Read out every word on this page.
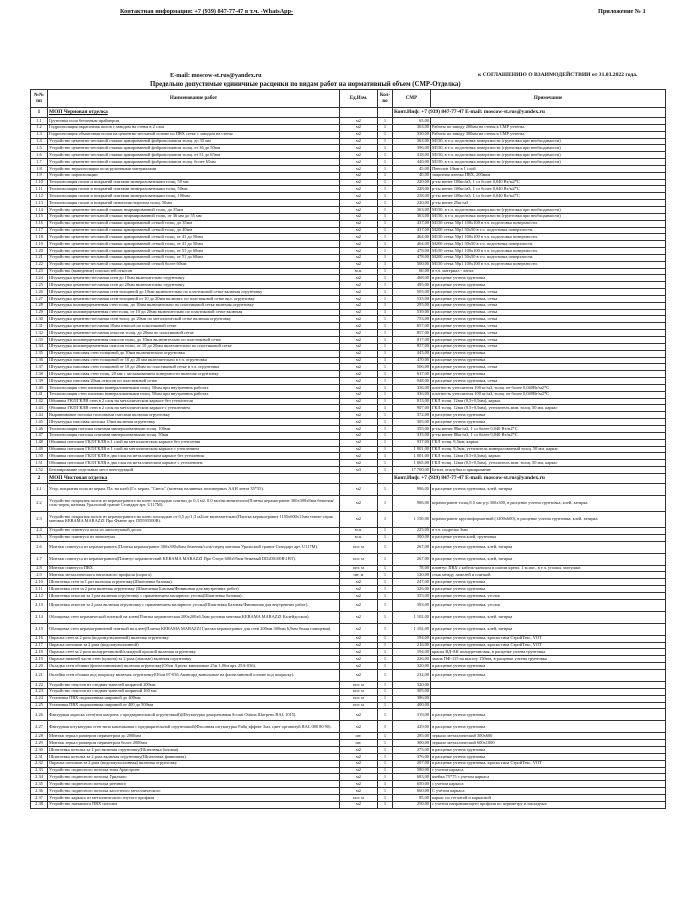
Контактная информация: +7 (939) 847-77-47 в т.ч. -WhatsApp-	Приложение № 1
E-mail: moscow-st.rus@yandex.ru	к СОГЛАШЕНИЮ О ВЗАИМОДЕЙСТВИИ от 31.03.2022 года.
Предельно допустимые единичные расценки по видам работ на нормативный объем (СМР-Отделка)
№№ пп	Наименование работ	Ед.Изм.	Кол-во	СМР	Примечание
1	МОП Черновая отделка			Конт.Инф: +7 (939) 847-77-47 E-mail: moscow-st.rus@yandex.ru	
1.1	Грунтовка пола бетонным праймером	м2	1	65,00	
1.2	Гидроизоляция окрасочная полов с заводом на стены в 2 слоя	м2	1	363,00	Работы по заводу 200мм на стены в СМР учтены.
1.3	Гидроизоляция обмазочная полов на цементно-песчаной основе по ПВХ сетке с заводом на стены	м2	1	330,00	Работы по заводу 300мм на стены в СМР учтены.
1.4	Устройство цементно-песчаной стяжки армированной фиброволокном толщ. до 35 мм	м2	1	363,00	М150, в т.ч. подготовка поверхности (грунтовка при необходимости)
1.5	Устройство цементно-песчаной стяжки армированной фиброволокном толщ. от 36 до 50мм	м2	1	396,00	М150, в т.ч. подготовка поверхности (грунтовка при необходимости)
1.6	Устройство цементно-песчаной стяжки армированной фиброволокном толщ. от 51 до 65мм	м2	1	418,00	М150, в т.ч. подготовка поверхности (грунтовка при необходимости)
1.7	Устройство цементно-песчаной стяжки армированной фиброволокном толщ. более 65мм	м2	1	440,00	М150, в т.ч. подготовка поверхности (грунтовка при необходимости)
1.8	Устройство звукоизоляции пола рулонными материалами	м2	1	45,00	Пенолон 10мм в 1 слой
1.9	Устройство пароизоляции	м2	1	40,00	защитная пленка ПВХ, 200мкм
1.10	Теплоизоляция полов и покрытий плитами минераловатными толщ. 50 мм	м2	1	220,00	р-ты менее 100кг/м3, 1 сл более 0,040 Вт/м2*С
1.11	Теплоизоляция полов и покрытий плитами минераловатными толщ. 50мм	м2	1	228,00	р-ты менее 100кг/м3, 1 сл более 0,040 Вт/м2*С
1.12	Теплоизоляция полов и покрытий плитами минераловатными толщ. 100мм	м2	1	238,00	р-ты менее 100кг/м3, 1 сл более 0,040 Вт/м2*С
1.13	Теплоизоляция полов и покрытий пенополистиролом толщ. 50мм	м2	1	220,00	р-ты менее 25кг/м3
1.14	Устройство цементно-песчаной стяжки неармированной толщ. до 35мм	м2	1	363,00	М150, в т.ч. подготовка поверхности (грунтовка при необходимости)
1.15	Устройство цементно-песчаной стяжки неармированной толщ. от 36 мм до 55 мм	м2	1	363,00	М150, в т.ч. подготовка поверхности (грунтовка при необходимости)
1.16	Устройство цементно-песчаной стяжки армированной сеткой толщ. до 35мм	м2	1	437,00	М150 сетка 50р1 100х100 в т.ч. подготовка поверхности.
1.17	Устройство цементно-песчаной стяжки армированной сеткой толщ. до 40мм	м2	1	437,00	М200 сетка 50р1 50х50 в т.ч. подготовка поверхности.
1.18	Устройство цементно-песчаной стяжки армированной сеткой толщ. от 41 до 50мм	м2	1	464,00	М150 сетка 50р1 100х100 в т.ч. подготовка поверхности.
1.19	Устройство цементно-песчаной стяжки армированной сеткой толщ. от 41 до 50мм	м2	1	464,00	М200 сетка 50р1 50х50 в т.ч. подготовка поверхности.
1.20	Устройство цементно-песчаной стяжки армированной сеткой толщ. от 51 до 60мм	м2	1	478,00	М150 сетка 50р1 100х100 в т.ч. подготовка поверхности.
1.21	Устройство цементно-песчаной стяжки армированной сеткой толщ. от 51 до 60мм	м2	1	478,00	М200 сетка 50р1 50х50 в т.ч. подготовка поверхности.
1.22	Устройство цементно-песчаной стяжки армированной сеткой более 60мм	м2	1	500,00	М150 сетка 50р1 100х100 в т.ч. подготовка поверхности.
1.23	Устройство (выведение) плоскостей откосов	м.п.	1	60,00	в т.ч. материал - лента
1.24	Штукатурка цементно-песчаная стен до 10мм включительно огрунтовку	м2	1	468,00	в расценке учтена грунтовка
1.25	Штукатурка цементно-песчаная стен до 20мм включительно огрунтовку	м2	1	495,00	в расценке учтена грунтовка
1.26	Штукатурка цементно-песчаная стен толщиной до 10мм включительно по пластиковой сетке включая огрунтовку	м2	1	505,00	в расценке учтена грунтовка, сетка
1.27	Штукатурка цементно-песчаная стен толщиной от 10 до 20мм включит. по пластиковой сетке вкл. огрунтовку	м2	1	535,00	в расценке учтена грунтовка, сетка
1.28	Штукатурка полимерцементная стен толщ. до 10мм включительно по пластиковой сетке включая огрунтовку	м2	1	295,00	в расценке учтена грунтовка, сетка
1.29	Штукатурка полимерцементная стен толщ. от 10 до 20мм включительно по пластиковой сетке включая	м2	1	539,00	в расценке учтена грунтовка, сетка
1.30	Штукатурка цементно-песчаная стен толщ. до 20мм по металлической сетке включая огрунтовку	м2	1	753,00	в расценке учтена грунтовка, сетка
1.31	Штукатурка цементно-песчаная 10мм откосов по пластиковой сетке	м2	1	857,00	в расценке учтена грунтовка, сетка
1.32	Штукатурка цементно-песчаная откосов толщ. до 20мм по пластиковой сетке	м2	1	857,00	в расценке учтена грунтовка, сетка
1.33	Штукатурка полимерцементная откосов толщ. до 10мм включительно по пластиковой сетке	м2	1	817,00	в расценке учтена грунтовка, сетка
1.34	Штукатурка полимерцементная откосов толщ. от 10 до 20мм включительно по пластиковой сетке	м2	1	857,00	в расценке учтена грунтовка, сетка
1.35	Штукатурка гипсовая стен толщиной до 10мм включительно огрунтовка	м2	1	445,00	в расценке учтена грунтовка
1.36	Штукатурка гипсовая стен толщиной от 10 до 20 мм включительно в т.ч. огрунтовка	м2	1	470,00	в расценке учтена грунтовка
1.37	Штукатурка гипсовая стен толщиной от 10 до 20мм по пластиковой сетке в т.ч. огрунтовка	м2	1	506,00	в расценке учтена грунтовка, сетка
1.38	Штукатурка гипсовая стен толщ. 20 мм с заглаживанием поверхности включая огрунтовку	м2	1	637,00	в расценке учтена грунтовка
1.39	Штукатурка гипсовая 20мм откосов по пластиковой сетке	м2	1	948,00	в расценке учтена грунтовка, сетка
1.40	Теплоизоляция стен плитами минераловатными толщ. 50мм при внутренних работах	м2	1	336,00	плотность утеплителя 100 кг/м3, толщ. не более 0,040Вт/м2*С
1.41	Теплоизоляция стен плитами минераловатными толщ. 50мм при внутренних работах	м2	1	336,00	плотность утеплителя 100 кг/м3, толщ. не более 0,040Вт/м2*С
1.42	Обшивка ГКЛ/ГКЛВ стен в 2 слоя на металлическом каркасе без утеплителя	м2	1	813,00	ГКЛ толщ. 12мм (0,5+0,5мм), каркас
1.43	Обшивка ГКЛ/ГКЛВ стен в 2 слоя на металлическом каркасе с утеплением	м2	1	907,00	ГКЛ толщ. 12мм (0,5+0,5мм), утеплитель мин. толщ. 50 мм, каркас
1.44	Выравнивание потолка гипсовыми смесями включая огрунтовку	м2	1	372,00	в расценке учтена грунтовка
1.45	Штукатурка гипсовая потолка 15мм включая огрунтовку	м2	1	305,00	в расценке учтена грунтовка
1.46	Теплоизоляция потолка плитами минераловатными толщ. 100мм	м2	1	355,00	р-ты менее 80кг/м3, 1 сл более 0,040 Вт/м2*С
1.47	Теплоизоляция потолка плитами минераловатными толщ. 50мм	м2	1	335,00	р-ты менее 80кг/м3, 1 сл более 0,040 Вт/м2*С
1.48	Обшивка потолков ГКЛ/ГКЛВ в 1 слой на металлическом каркасе без утепления	м2	1	937,00	ГКЛ толщ. 9,5мм, каркас
1.49	Обшивка потолков ГКЛ/ГКЛВ в 1 слой на металлическом каркасе с утеплением	м2	1	1 001,00	ГКЛ толщ. 9,5мм, утеплитель минераловатный толщ. 50 мм, каркас
1.50	Обшивка потолков ГКЛ/ГКЛВ в два слоя на металлическом каркасе без утепления	м2	1	1 001,00	ГКЛ толщ. 12мм (0,5+0,5мм), каркас
1.51	Обшивка потолков ГКЛ/ГКЛВ в два слоя на металлическом каркасе с утеплением	м2	1	1 065,00	ГКЛ толщ. 12мм (0,5+0,5мм), утеплитель мин. толщ. 50 мм, каркас
1.52	Бетонирование отдельных мест конструкций	м3	1	17 700,00	Бетон, опалубка и армирование
2	МОП Чистовая отделка			Конт.Инф: +7 (939) 847-77-47 E-mail: moscow-st.rus@yandex.ru	
2.1	Устр. покрытия пола из керам. Пл. на клей (Гл. керам. "Смесь" (монтаж наливных полимерных ААН лента 35*55).	м2	1	986,00	в расценке учтена грунтовка, клей, затирка
2.2	Устройство покрытия полов из керамогранита на клею площадью плитки до 0,3 м2. 0,0 вкл/включительно(Плитка керамогранит 300х300х8мм беженая/соль-перец матовая Уральский гранит Стандарт арт. U117M).	м2	1	986,00	керамогранит толщ.8,5 мм р-р 300х300, в расценке учтена грунтовка, клей, затирка
2.3	Устройство покрытия полов из керамогранита на клею площадью от 0,5 до 1,3 м2/шт включительно(Плитка керамогранит 1195х600х11мм темно-серая матовая KERAMA MARAZZI Про Фьюче арт. DD593500R).	м2	1	1 150,00	керамогранит крупноформатный (1200х600), в расценке учтена грунтовка, клей, затирка
2.4	Устройство плинтуса пола из линолеумной досок	м.п.	1	225,00	в т.ч. подрезка 3мм
2.5	Устройство плинтуса из линолеума	м.п.	1	300,00	в расценке учтена клей, грунтовка
2.6	Монтаж плинтуса из керамогранита (Плитка керамогранит 300х300х8мм беженая/соль-перец матовая Уральский гранит Стандарт арт. U117M).	пог. м	1	267,00	в расценке учтена грунтовка, клей, затирка
2.7	Монтаж плинтуса из керамогранита(Плинтус керамический KERAMA MARAZZI Про Стоун 600х95мм бежевый DD200100R\1BT).	пог. м	1	267,00	в расценке учтена грунтовка, клей, затирка
2.8	Монтаж плинтуса ПВХ	пог. м	1	78,00	плинтус ПВХ с кабель-каналом и шагом крепл. 1 м.пог., в т.ч. уголки, заглушки
2.9	Монтаж металлического напольного профиля (порога)	шт. м	1	120,00	стык между ламелей и плиткой
2.10	Шпатлевка стен за 1 раз включая огрунтовку(Шпатлевка базовая).	м2	1	247,00	в расценке учтена грунтовка
2.11	Шпатлевка стен за 2 раза включая огрунтовку (Шпатлевка Базовая/Финишная для внутренних работ)	м2	1	326,00	в расценке учтена грунтовка
2.12	Шпатлевка откосов за 1 раз включая огрунтовку с применением малярного уголка(Шпатлевка базовая).	м2	1	355,00	в расценке учтена грунтовка, уголок
2.13	Шпатлевка откосов за 2 раза включая огрунтовку с применением малярного уголка(Шпатлевка Базовая/Финишная для внутренних работ).	м2	1	393,00	в расценке учтена грунтовка, уголок
2.14	Облицовка стен керамической плиткой на клею(Плитка керамическая 200х200х6,5мм розовая матовая KERAMA MARAZZI Калейдоскоп).	м2	1	1 102,00	в расценке учтена грунтовка, клей, затирка
2.15	Облицовка стен керамогранитной плиткой на клею(Плитка KERAMA MARAZZI Гжелка керамогранит для стен 200мм 300мм 6,9мм белая глянцевая).	м2	1	1 102,00	в расценке учтена грунтовка, клей, затирка
2.16	Окраска стен за 2 раза (водоэмульсионной) включая огрунтовку	м2	1	194,00	в расценке учтена грунтовка, краска типа СтройТекс, VOT
2.17	Окраска потолков за 2 раза (водоэмульсионной)	м2	1	216,00	в расценке учтена грунтовка, краска типа СтройТекс, VOT
2.18	Окраска стен за 2 раза полиуретановой/алкидной краской включая огрунтовку	м2	1	194,00	краска ВД-АК полиуретановая, в расценке учтена грунтовка
2.19	Окраска нижней части стен (цоколя) за 2 раза (эмалью) включая огрунтовку	м2	1	226,00	эмаль ПФ-115 на высоту 150мм, в расценке учтена грунтовка
2.20	Окладка стен обоями (флизелиновыми) включая огрунтовку(Обои Артекс виниловые 25м 1,06м арт. 25А-036).	м2	1	320,00	в расценке учтена грунтовка
2.21	Оклейка стен обоями под покраску включая огрунтовку(Обои 07-036 Авангард виниловые на флизелиновой основе под покраску).	м2	1	232,00	в расценке учтена грунтовка
2.22	Устройство откосов из сэндвич-панелей шириной 200мм	пог. м	1	320,00	
2.23	Устройство откосов из сэндвич-панелей шириной 160 мм	пог. м	1	305,00	
2.24	Установка ПВХ подоконника шириной до 400мм	пог. м	1	386,00	
2.25	Установка ПВХ подоконника шириной от 400 до 500мм	пог. м	1	400,00	
2.26	Фактурная окраска стен(тип шагрень с предварительной огрунтовкой)(Штукатурка декоративная Sconti Ottima Шагрень RAL 1015).	м2	1	319,00	в расценке учтена грунтовка
2.27	Фактурная штукатурка стен типа камешковая с предварительной огрунтовкой(Фасонная штукатурка Райц эффект 3мл, цвет организуй RAL 080 80 90).	м2	1	429,00	в расценке учтена грунтовка
2.28	Монтаж зеркал размером периметром до 2000мм	шт.	1	285,00	зеркало металлический 300х600
2.29	Монтаж зеркал размером периметром более 2000мм	шт.	1	300,00	зеркало металлический 600х1000
2.30	Шпатлевка потолка за 1 раз включая огрунтовку(Шпатлевка базовая).	м2	1	275,00	в расценке учтена грунтовка
2.31	Шпатлевка потолка за 2 раза включая огрунтовку(Шпатлевка финишная).	м2	1	376,00	в расценке учтена грунтовка
2.32	Окраска потолков за 2 раза (водоэмульсионная) включая огрунтовку	м2	1	207,00	в расценке учтена грунтовка, краска типа СтройТекс, VOT
2.33	Устройство подвесного потолка типа Армстронг	м2	1	580,00	с учетом каркаса
2.34	Устройство подвесного потолка Грильято	м2	1	683,00	ячейка 75*75 с учетом каркаса
2.35	Устройство подвесного потолка реечного	м2	1	650,00	с учетом каркаса
2.36	Устройство подвесного потолка кассетного металлического	м2	1	660,00	С учётом каркаса
2.37	Устройство каркаса из металлического гнутого профиля	пог. м	1	85,00	каркас по сетчатой и каркасной
2.38	Устройство натяжного ПВХ потолка	м2	1	250,00	с учетом направляющего профиля по периметру и закладных
